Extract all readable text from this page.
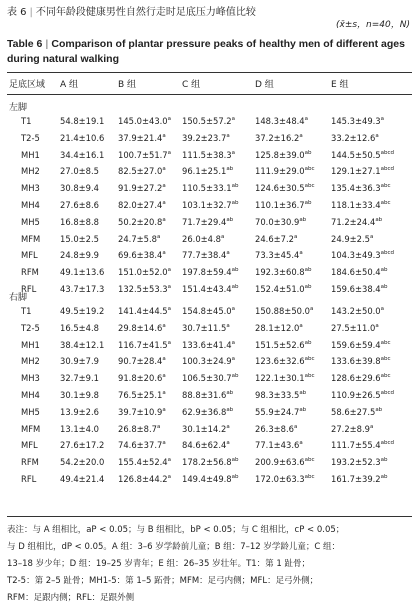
表 6 | 不同年龄段健康男性自然行走时足底压力峰值比较
(x̄±s，n=40，N)
Table 6 | Comparison of plantar pressure peaks of healthy men of different ages during natural walking
足底区域 A 组	B 组	C 组	D 组	E 组
左脚
T1	54.8±19.1 145.0±43.0$^a$ 150.5±57.2$^a$ 148.3±48.4$^a$	145.3±49.3$^a$
T2-5 21.4±10.6 37.9±21.4$^a$ 39.2±23.7$^a$	37.2±16.2$^a$	33.2±12.6$^a$
MH1 34.4±16.1 100.7±51.7$^a$ 111.5±38.3$^a$ 125.8±39.0$^{ab}$ $144.5\pm 50.5^{abcd}$
MH2 27.0±8.5 82.5±27.0$^a$ 96.1±25.1$^{ab}$	111.9±29.0$^{abc}$ $129.1\pm 27.1^{abcd}$
MH3 30.8±9.4 91.9±27.2$^a$ 110.5±33.1$^{ab}$ 124.6±30.5$^{abc}$ 135.4±36.3$^{abc}$
MH4 27.6±8.6 82.0±27.4$^a$ 103.1±32.7$^{ab}$ 110.1±36.7$^{ab}$ 118.1±33.4$^{abc}$
MH5 16.8±8.8 50.2±20.8$^a$ 71.7±29.4$^{ab}$	70.0±30.9$^{ab}$	71.2±24.4$^{ab}$
MFM 15.0±2.5 24.7±5.8$^a$	26.0±4.8$^a$	24.6±7.2$^a$	24.9±2.5$^a$
MFL	24.8±9.9 69.6±38.4$^a$ 77.7±38.4$^a$	73.3±45.4$^a$	$104.3\pm 49.3^{abcd}$
RFM	49.1±13.6 151.0±52.0$^a$ 197.8±59.4$^{ab}$ 192.3±60.8$^{ab}$ 184.6±50.4$^{ab}$
RFL	43.7±17.3 132.5±53.3$^a$ 151.4±43.4$^{ab}$ 152.4±51.0$^{ab}$ 159.6±38.4$^{ab}$
右脚
T1	49.5±19.2 141.4±44.5$^a$ 154.8±45.0$^a$ 150.88±50.0$^a$ 143.2±50.0$^a$
T2-5 16.5±4.8 29.8±14.6$^a$ 30.7±11.5$^a$	28.1±12.0$^a$	27.5±11.0$^a$
MH1 38.4±12.1 116.7±41.5$^a$ 133.6±41.4$^a$ 151.5±52.6$^{ab}$ 159.6±59.4$^{abc}$
MH2 30.9±7.9 90.7±28.4$^a$ 100.3±24.9$^a$ 123.6±32.6$^{abc}$ 133.6±39.8$^{abc}$
MH3 32.7±9.1 91.8±20.6$^a$ 106.5±30.7$^{ab}$ 122.1±30.1$^{abc}$ 128.6±29.6$^{abc}$
MH4 30.1±9.8 76.5±25.1$^a$ 88.8±31.6$^{ab}$	98.3±33.5$^{ab}$	$110.9\pm 26.5^{abcd}$
MH5 13.9±2.6 39.7±10.9$^a$ 62.9±36.8$^{ab}$	55.9±24.7$^{ab}$	58.6±27.5$^{ab}$
MFM 13.1±4.0 26.8±8.7$^a$	30.1±14.2$^a$	26.3±8.6$^a$	27.2±8.9$^a$
MFL	27.6±17.2 74.6±37.7$^a$ 84.6±62.4$^a$	77.1±43.6$^a$	$111.7\pm 55.4^{abcd}$
RFM	54.2±20.0 155.4±52.4$^a$ 178.2±56.8$^{ab}$ 200.9±63.6$^{abc}$ 193.2±52.3$^{ab}$
RFL	49.4±21.4 126.8±44.2$^a$ 149.4±49.8$^{ab}$ 172.0±63.3$^{abc}$ 161.7±39.2$^{ab}$
表注：与 A 组相比，aP < 0.05；与 B 组相比，bP < 0.05；与 C 组相比，cP < 0.05；
与 D 组相比，dP < 0.05。A 组：3–6 岁学龄前儿童；B 组：7–12 岁学龄儿童；C 组：
13–18 岁少年；D 组：19–25 岁青年；E 组：26–35 岁壮年。T1：第 1 趾骨；
T2-5：第 2–5 趾骨；MH1-5：第 1–5 跖骨；MFM：足弓内侧；MFL：足弓外侧；
RFM：足跟内侧；RFL：足跟外侧
